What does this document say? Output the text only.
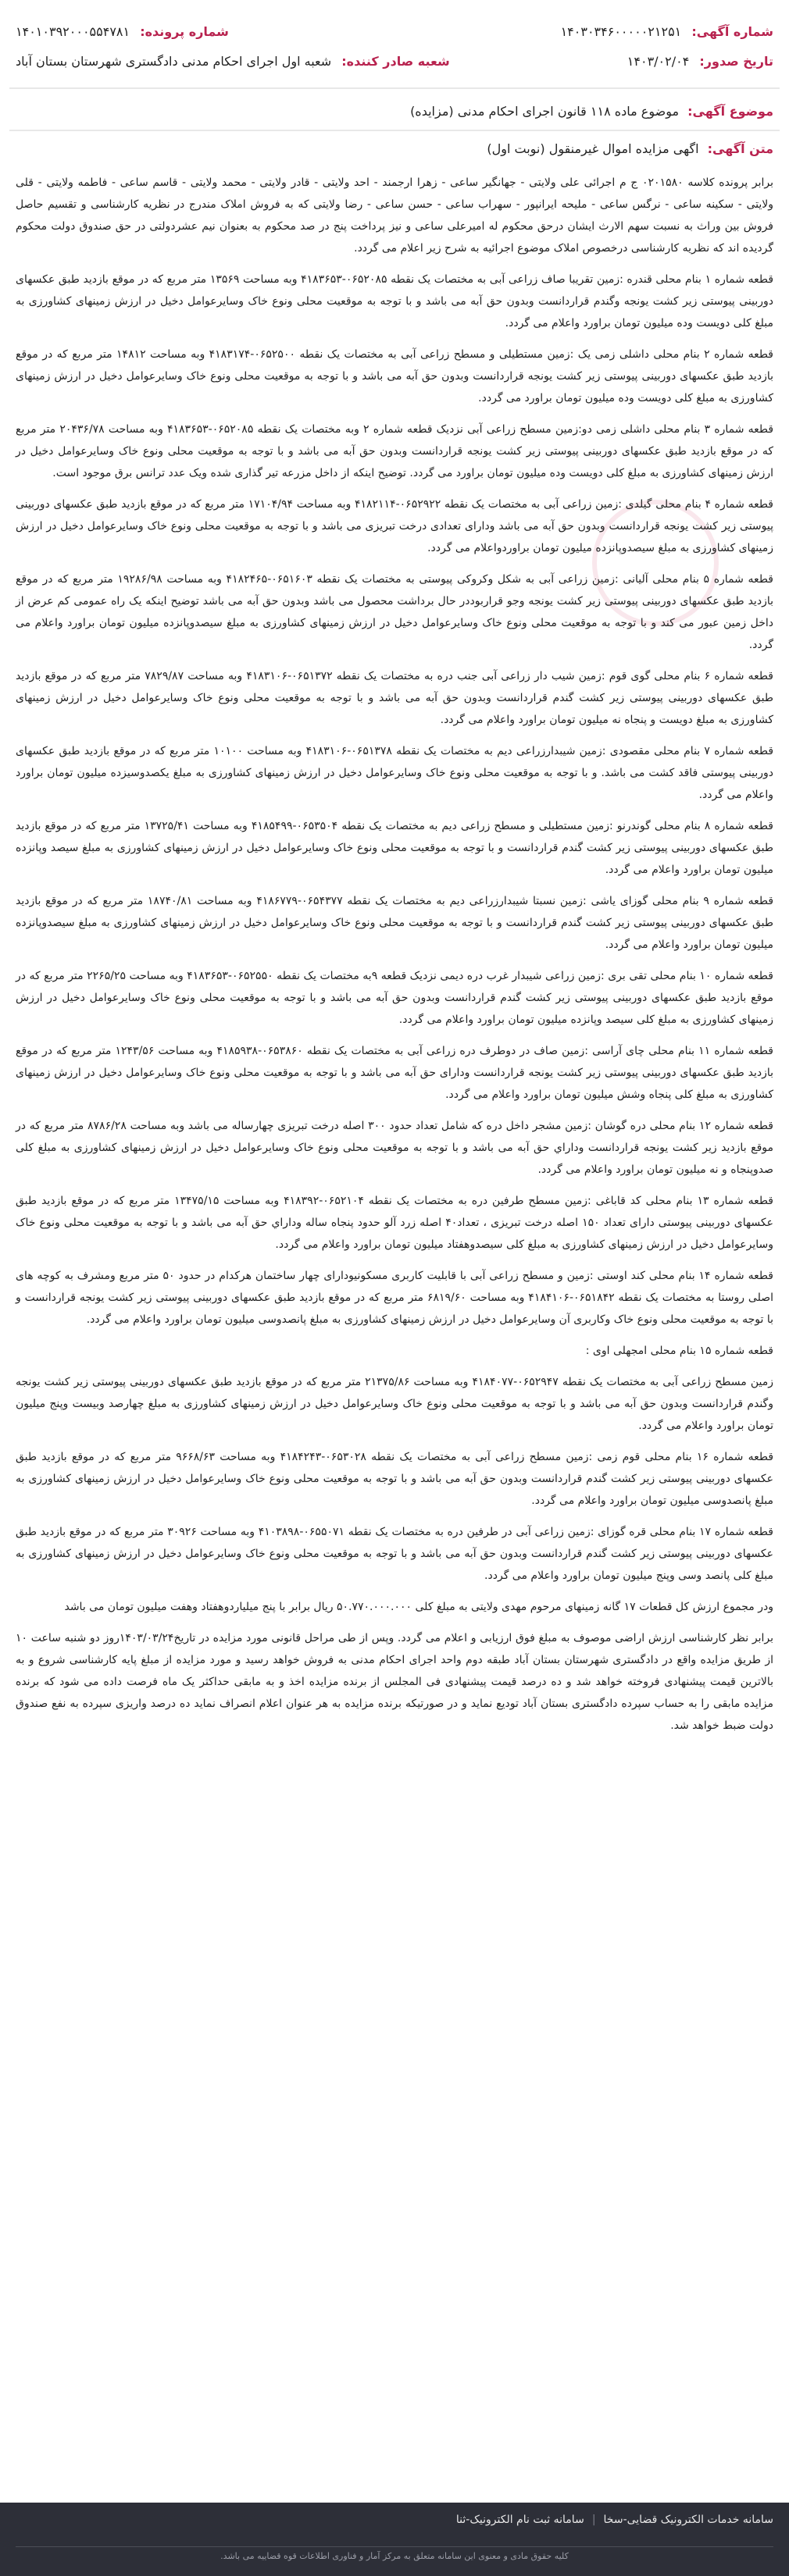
شماره آگهی: ۱۴۰۳۰۳۴۶۰۰۰۰۰۲۱۲۵۱
شماره پرونده: ۱۴۰۱۰۳۹۲۰۰۰۵۵۴۷۸۱
تاریخ صدور: ۱۴۰۳/۰۲/۰۴
شعبه صادر کننده: شعبه اول اجرای احکام مدنی دادگستری شهرستان بستان آباد
موضوع آگهی: موضوع ماده ۱۱۸ قانون اجرای احکام مدنی (مزایده)
متن آگهی: اگهی مزایده اموال غیرمنقول (نوبت اول)

برابر پرونده کلاسه ۰۲۰۱۵۸۰ ج م اجرائی علی ولایتی - جهانگیر ساعی - زهرا ارجمند - احد ولایتی - قادر ولایتی - محمد ولایتی - قاسم ساعی - فاطمه ولایتی - قلی ولایتی - سکینه ساعی - نرگس ساعی - ملیحه ایرانپور - سهراب ساعی - حسن ساعی - رضا ولایتی که به فروش املاک مندرج در نظریه کارشناسی و تقسیم حاصل فروش بین وراث به نسبت سهم الارث ایشان درحق محکوم له امیرعلی ساعی و نیز پرداخت پنج در صد محکوم به بعنوان نیم عشردولتی در حق صندوق دولت محکوم گردیده اند که نظریه کارشناسی درخصوص املاک موضوع اجرائیه به شرح زیر اعلام می گردد.

قطعه شماره ۱ بنام محلی قندره :زمین تقریبا صاف زراعی آبی به مختصات یک نقطه ۰۶۵۲۰۸۵-۴۱۸۳۶۵۳ وبه مساحت ۱۳۵۶۹ متر مربع که در موقع بازدید طبق عکسهای دوربینی پیوستی زیر کشت یونجه وگندم قراردانست وبدون حق آبه می باشد و با توجه به موقعیت محلی ونوع خاک وسایرعوامل دخیل در ارزش زمینهای کشاورزی به مبلغ کلی دویست وده میلیون تومان براورد واعلام می گردد.

قطعه شماره ۲ بنام محلی داشلی زمی یک :زمین مستطیلی و مسطح زراعی آبی به مختصات یک نقطه ۰۶۵۲۵۰۰-۴۱۸۳۱۷۴ وبه مساحت ۱۴۸۱۲ متر مربع که در موقع بازدید طبق عکسهای دوربینی پیوستی زیر کشت یونجه قراردانست وبدون حق آبه می باشد و با توجه به موقعیت محلی ونوع خاک وسایرعوامل دخیل در ارزش زمینهای کشاورزی به مبلغ کلی دویست وده میلیون تومان براورد می گردد.

قطعه شماره ۳ بنام محلی داشلی زمی دو:زمین مسطح زراعی آبی نزدیک قطعه شماره ۲ وبه مختصات یک نقطه ۰۶۵۲۰۸۵-۴۱۸۳۶۵۳ وبه مساحت ۲۰۴۳۶/۷۸ متر مربع که در موقع بازدید طبق عکسهای دوربینی پیوستی زیر کشت یونجه قراردانست وبدون حق آبه می باشد و با توجه به موقعیت محلی ونوع خاک وسایرعوامل دخیل در ارزش زمینهای کشاورزی به مبلغ کلی دویست وده میلیون تومان براورد می گردد. توضیح اینکه از داخل مزرعه تیر گذاری شده ویک عدد ترانس برق موجود است.

قطعه شماره ۴ بنام محلی گیلدی :زمین زراعی آبی به مختصات یک نقطه ۰۶۵۲۹۲۲-۴۱۸۲۱۱۴ وبه مساحت ۱۷۱۰۴/۹۴ متر مربع که در موقع بازدید طبق عکسهای دوربینی پیوستی زیر کشت یونجه قراردانست وبدون حق آبه می باشد ودارای تعدادی درخت تبریزی می باشد و با توجه به موقعیت محلی ونوع خاک وسایرعوامل دخیل در ارزش زمینهای کشاورزی به مبلغ سیصدوپانزده میلیون تومان براوردواعلام می گردد.

قطعه شماره ۵ بنام محلی آلیانی :زمین زراعی آبی به شکل وکروکی پیوستی به مختصات یک نقطه ۰۶۵۱۶۰۳-۴۱۸۲۴۶۵ وبه مساحت ۱۹۲۸۶/۹۸ متر مربع که در موقع بازدید طبق عکسهای دوربینی پیوستی زیر کشت یونجه وجو قراربوددر حال برداشت محصول می باشد وبدون حق آبه می باشد توضیح اینکه یک راه عمومی کم عرض از داخل زمین عبور می کند و با توجه به موقعیت محلی ونوع خاک وسایرعوامل دخیل در ارزش زمینهای کشاورزی به مبلغ سیصدوپانزده میلیون تومان براورد واعلام می گردد.

قطعه شماره ۶ بنام محلی گوی قوم :زمین شیب دار زراعی آبی جنب دره به مختصات یک نقطه ۰۶۵۱۳۷۲-۴۱۸۳۱۰۶ وبه مساحت ۷۸۲۹/۸۷ متر مربع که در موقع بازدید طبق عکسهای دوربینی پیوستی زیر کشت گندم قراردانست وبدون حق آبه می باشد و با توجه به موقعیت محلی ونوع خاک وسایرعوامل دخیل در ارزش زمینهای کشاورزی به مبلغ دویست و پنجاه نه میلیون تومان براورد واعلام می گردد.

قطعه شماره ۷ بنام محلی مقصودی :زمین شیبدارزراعی دیم به مختصات یک نقطه ۰۶۵۱۳۷۸-۴۱۸۳۱۰۶ وبه مساحت ۱۰۱۰۰ متر مربع که در موقع بازدید طبق عکسهای دوربینی پیوستی فاقد کشت می باشد. و با توجه به موقعیت محلی ونوع خاک وسایرعوامل دخیل در ارزش زمینهای کشاورزی به مبلغ یکصدوسیزده میلیون تومان براورد واعلام می گردد.

قطعه شماره ۸ بنام محلی گوندرنو :زمین مستطیلی و مسطح زراعی دیم به مختصات یک نقطه ۰۶۵۳۵۰۴-۴۱۸۵۴۹۹ وبه مساحت ۱۳۷۲۵/۴۱ متر مربع که در موقع بازدید طبق عکسهای دوربینی پیوستی زیر کشت گندم قراردانست و با توجه به موقعیت محلی ونوع خاک وسایرعوامل دخیل در ارزش زمینهای کشاورزی به مبلغ سیصد وپانزده میلیون تومان براورد واعلام می گردد.

قطعه شماره ۹ بنام محلی گوزای یاشی :زمین نسبتا شیبدارزراعی دیم به مختصات یک نقطه ۰۶۵۴۳۷۷-۴۱۸۶۷۷۹ وبه مساحت ۱۸۷۴۰/۸۱ متر مربع که در موقع بازدید طبق عکسهای دوربینی پیوستی زیر کشت گندم قراردانست و با توجه به موقعیت محلی ونوع خاک وسایرعوامل دخیل در ارزش زمینهای کشاورزی به مبلغ سیصدوپانزده میلیون تومان براورد واعلام می گردد.

قطعه شماره ۱۰ بنام محلی تقی بری :زمین زراعی شیبدار غرب دره دیمی نزدیک قطعه ۹به مختصات یک نقطه ۰۶۵۲۵۵۰-۴۱۸۳۶۵۳ وبه مساحت ۲۲۶۵/۲۵ متر مربع که در موقع بازدید طبق عکسهای دوربینی پیوستی زیر کشت گندم قراردانست وبدون حق آبه می باشد و با توجه به موقعیت محلی ونوع خاک وسایرعوامل دخیل در ارزش زمینهای کشاورزی به مبلغ کلی سیصد وپانزده میلیون تومان براورد واعلام می گردد.

قطعه شماره ۱۱ بنام محلی چای آراسی :زمین صاف در دوطرف دره زراعی آبی به مختصات یک نقطه ۰۶۵۳۸۶۰-۴۱۸۵۹۳۸ وبه مساحت ۱۲۴۳/۵۶ متر مربع که در موقع بازدید طبق عکسهای دوربینی پیوستی زیر کشت یونجه قراردانست ودارای حق آبه می باشد و با توجه به موقعیت محلی ونوع خاک وسایرعوامل دخیل در ارزش زمینهای کشاورزی به مبلغ کلی پنجاه وشش میلیون تومان براورد واعلام می گردد.

قطعه شماره ۱۲ بنام محلی دره گوشان :زمین مشجر داخل دره که شامل تعداد حدود ۳۰۰ اصله درخت تبریزی چهارساله می باشد وبه مساحت ۸۷۸۶/۲۸ متر مربع که در موقع بازدید زیر کشت یونجه قراردانست وداراي حق آبه می باشد و با توجه به موقعیت محلی ونوع خاک وسایرعوامل دخیل در ارزش زمینهای کشاورزی به مبلغ کلی صدوپنجاه و نه میلیون تومان براورد واعلام می گردد.

قطعه شماره ۱۳ بنام محلی کد قاباغی :زمین مسطح طرفین دره به مختصات یک نقطه ۰۶۵۲۱۰۴-۴۱۸۳۹۲ وبه مساحت ۱۳۴۷۵/۱۵ متر مربع که در موقع بازدید طبق عکسهای دوربینی پیوستی دارای تعداد ۱۵۰ اصله درخت تبریزی ، تعداد۴۰ اصله زرد آلو حدود پنجاه ساله وداراي حق آبه می باشد و با توجه به موقعیت محلی ونوع خاک وسایرعوامل دخیل در ارزش زمینهای کشاورزی به مبلغ کلی سیصدوهفتاد میلیون تومان براورد واعلام می گردد.

قطعه شماره ۱۴ بنام محلی کند اوستی :زمین و مسطح زراعی آبی با قابلیت کاربری مسکونیودارای چهار ساختمان هرکدام در حدود ۵۰ متر مربع ومشرف به کوچه های اصلی روستا به مختصات یک نقطه ۰۶۵۱۸۴۲-۴۱۸۴۱۰۶ وبه مساحت ۶۸۱۹/۶۰ متر مربع که در موقع بازدید طبق عکسهای دوربینی پیوستی زیر کشت یونجه قراردانست و با توجه به موقعیت محلی ونوع خاک وکاربری آن وسایرعوامل دخیل در ارزش زمینهای کشاورزی به مبلغ پانصدوسی میلیون تومان براورد واعلام می گردد.

قطعه شماره ۱۵ بنام محلی امجهلی اوی :

زمین مسطح زراعی آبی به مختصات یک نقطه ۰۶۵۲۹۴۷-۴۱۸۴۰۷۷ وبه مساحت ۲۱۳۷۵/۸۶ متر مربع که در موقع بازدید طبق عکسهای دوربینی پیوستی زیر کشت یونجه وگندم قراردانست وبدون حق آبه می باشد و با توجه به موقعیت محلی ونوع خاک وسایرعوامل دخیل در ارزش زمینهای کشاورزی به مبلغ چهارصد وبیست وپنج میلیون تومان براورد واعلام می گردد.

قطعه شماره ۱۶ بنام محلی قوم زمی :زمین مسطح زراعی آبی به مختصات یک نقطه ۰۶۵۳۰۲۸-۴۱۸۴۲۴۳ وبه مساحت ۹۶۶۸/۶۳ متر مربع که در موقع بازدید طبق عکسهای دوربینی پیوستی زیر کشت گندم قراردانست وبدون حق آبه می باشد و با توجه به موقعیت محلی ونوع خاک وسایرعوامل دخیل در ارزش زمینهای کشاورزی به مبلغ پانصدوسی میلیون تومان براورد واعلام می گردد.

قطعه شماره ۱۷ بنام محلی قره گوزای :زمین زراعی آبی در طرفین دره به مختصات یک نقطه ۰۶۵۵۰۷۱-۴۱۰۳۸۹۸ وبه مساحت ۳۰۹۲۶ متر مربع که در موقع بازدید طبق عکسهای دوربینی پیوستی زیر کشت گندم قراردانست وبدون حق آبه می باشد و با توجه به موقعیت محلی ونوع خاک وسایرعوامل دخیل در ارزش زمینهای کشاورزی به مبلغ کلی پانصد وسی وپنج میلیون تومان براورد واعلام می گردد.

ودر مجموع ارزش کل قطعات ۱۷ گانه زمینهای مرحوم مهدی ولایتی به مبلغ کلی ۵۰.۷۷۰.۰۰۰.۰۰۰ ریال برابر با پنج میلیاردوهفتاد وهفت میلیون تومان می باشد

برابر نظر کارشناسی ارزش اراضی موصوف به مبلغ فوق ارزیابی و اعلام می گردد. وپس از طی مراحل قانونی مورد مزایده در تاریخ۱۴۰۳/۰۳/۲۴روز دو شنبه ساعت ۱۰ از طریق مزایده واقع در دادگستری شهرستان بستان آباد طبقه دوم واحد اجرای احکام مدنی به فروش خواهد رسید و مورد مزایده از مبلغ پایه کارشناسی شروع و به بالاترین قیمت پیشنهادی فروخته خواهد شد و ده درصد قیمت پیشنهادی فی المجلس از برنده مزایده اخذ و به مابقی حداکثر یک ماه فرصت داده می شود که برنده مزایده مابقی را به حساب سپرده دادگستری بستان آباد تودیع نماید و در صورتیکه برنده مزایده به هر عنوان اعلام انصراف نماید ده درصد واریزی سپرده به نفع صندوق دولت ضبط خواهد شد.

سامانه خدمات الکترونیک قضایی-سخا
|
سامانه ثبت نام الکترونیک-ثنا
کلیه حقوق مادی و معنوی این سامانه متعلق به مرکز آمار و فناوری اطلاعات قوه قضاییه می باشد.
